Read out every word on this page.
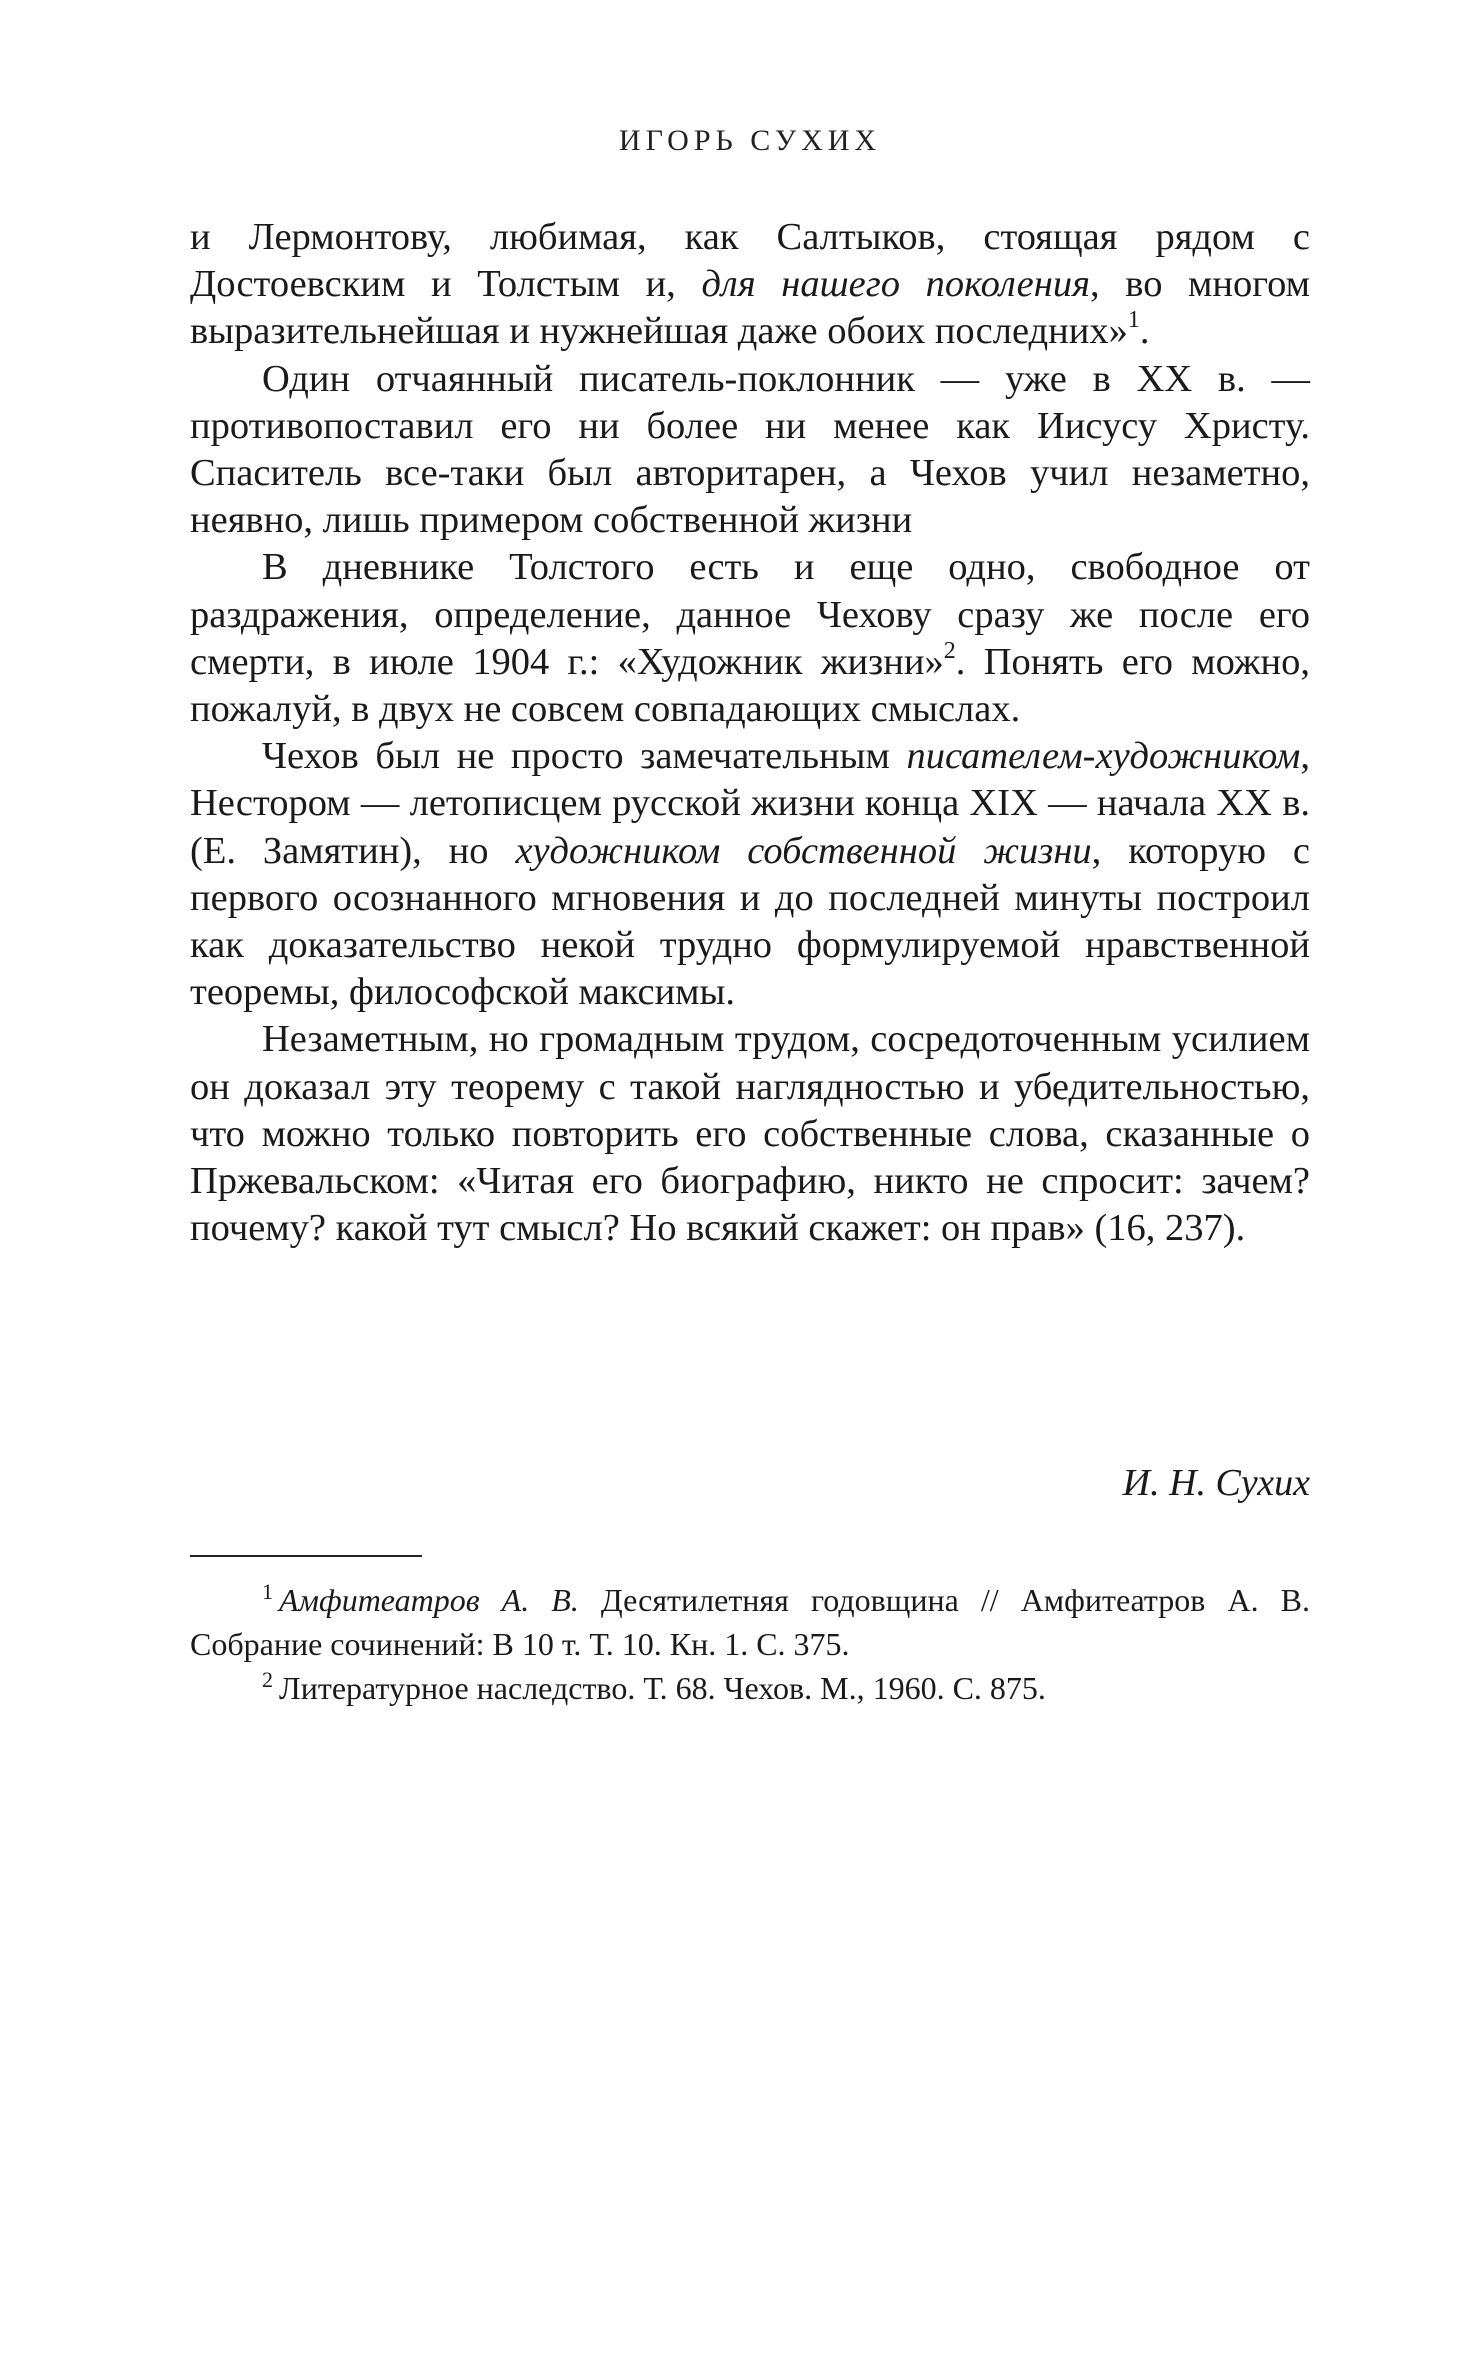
ИГОРЬ СУХИХ

и Лермонтову, любимая, как Салтыков, стоящая рядом с Достоевским и Толстым и, для нашего поколения, во многом выразительнейшая и нужнейшая даже обоих последних»$^1$.

Один отчаянный писатель-поклонник — уже в XX в. — противопоставил его ни более ни менее как Иисусу Христу. Спаситель все-таки был авторитарен, а Чехов учил незаметно, неявно, лишь примером собственной жизни

В дневнике Толстого есть и еще одно, свободное от раздражения, определение, данное Чехову сразу же после его смерти, в июле 1904 г.: «Художник жизни»$^2$. Понять его можно, пожалуй, в двух не совсем совпадающих смыслах.

Чехов был не просто замечательным писателем-художником, Нестором — летописцем русской жизни конца XIX — начала XX в. (Е. Замятин), но художником собственной жизни, которую с первого осознанного мгновения и до последней минуты построил как доказательство некой трудно формулируемой нравственной теоремы, философской максимы.

Незаметным, но громадным трудом, сосредоточенным усилием он доказал эту теорему с такой наглядностью и убедительностью, что можно только повторить его собственные слова, сказанные о Пржевальском: «Читая его биографию, никто не спросит: зачем? почему? какой тут смысл? Но всякий скажет: он прав» (16, 237).

И. Н. Сухих

$^1$ Амфитеатров А. В. Десятилетняя годовщина // Амфитеатров А. В. Собрание сочинений: В 10 т. Т. 10. Кн. 1. С. 375.

$^2$ Литературное наследство. Т. 68. Чехов. М., 1960. С. 875.
